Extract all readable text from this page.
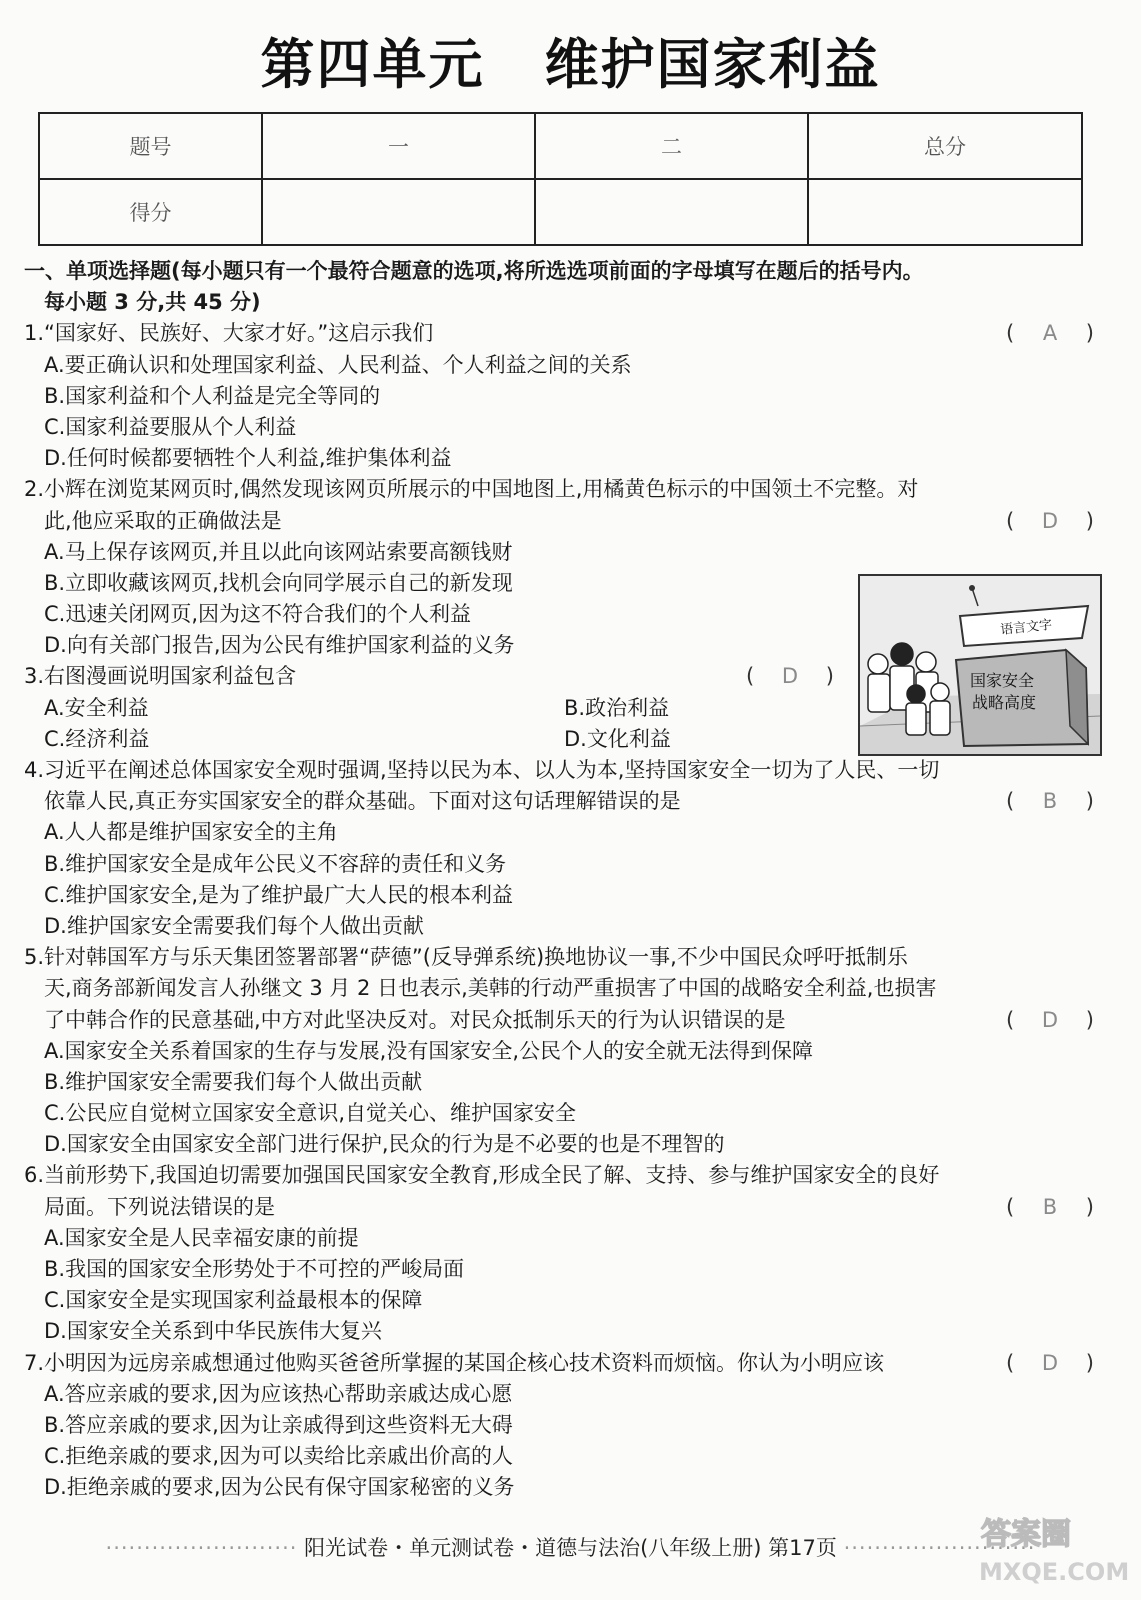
第四单元 维护国家利益
题号	一	二	总分
得分			
一、单项选择题(每小题只有一个最符合题意的选项,将所选选项前面的字母填写在题后的括号内。
每小题 3 分,共 45 分)
1.“国家好、民族好、大家才好。”这启示我们	( A )
A.要正确认识和处理国家利益、人民利益、个人利益之间的关系
B.国家利益和个人利益是完全等同的
C.国家利益要服从个人利益
D.任何时候都要牺牲个人利益,维护集体利益
2.小辉在浏览某网页时,偶然发现该网页所展示的中国地图上,用橘黄色标示的中国领土不完整。对
此,他应采取的正确做法是	( D )
A.马上保存该网页,并且以此向该网站索要高额钱财
B.立即收藏该网页,找机会向同学展示自己的新发现
C.迅速关闭网页,因为这不符合我们的个人利益
D.向有关部门报告,因为公民有维护国家利益的义务
3.右图漫画说明国家利益包含	( D )
A.安全利益	B.政治利益
C.经济利益	D.文化利益
4.习近平在阐述总体国家安全观时强调,坚持以民为本、以人为本,坚持国家安全一切为了人民、一切
依靠人民,真正夯实国家安全的群众基础。下面对这句话理解错误的是	( B )
A.人人都是维护国家安全的主角
B.维护国家安全是成年公民义不容辞的责任和义务
C.维护国家安全,是为了维护最广大人民的根本利益
D.维护国家安全需要我们每个人做出贡献
5.针对韩国军方与乐天集团签署部署“萨德”(反导弹系统)换地协议一事,不少中国民众呼吁抵制乐
天,商务部新闻发言人孙继文 3 月 2 日也表示,美韩的行动严重损害了中国的战略安全利益,也损害
了中韩合作的民意基础,中方对此坚决反对。对民众抵制乐天的行为认识错误的是	( D )
A.国家安全关系着国家的生存与发展,没有国家安全,公民个人的安全就无法得到保障
B.维护国家安全需要我们每个人做出贡献
C.公民应自觉树立国家安全意识,自觉关心、维护国家安全
D.国家安全由国家安全部门进行保护,民众的行为是不必要的也是不理智的
6.当前形势下,我国迫切需要加强国民国家安全教育,形成全民了解、支持、参与维护国家安全的良好
局面。下列说法错误的是	( B )
A.国家安全是人民幸福安康的前提
B.我国的国家安全形势处于不可控的严峻局面
C.国家安全是实现国家利益最根本的保障
D.国家安全关系到中华民族伟大复兴
7.小明因为远房亲戚想通过他购买爸爸所掌握的某国企核心技术资料而烦恼。你认为小明应该	( D )
A.答应亲戚的要求,因为应该热心帮助亲戚达成心愿
B.答应亲戚的要求,因为让亲戚得到这些资料无大碍
C.拒绝亲戚的要求,因为可以卖给比亲戚出价高的人
D.拒绝亲戚的要求,因为公民有保守国家秘密的义务
语言文字
国家安全
战略高度
························· 阳光试卷・单元测试卷・道德与法治(八年级上册) 第17页 ·························
答案圈
MXQE.COM
